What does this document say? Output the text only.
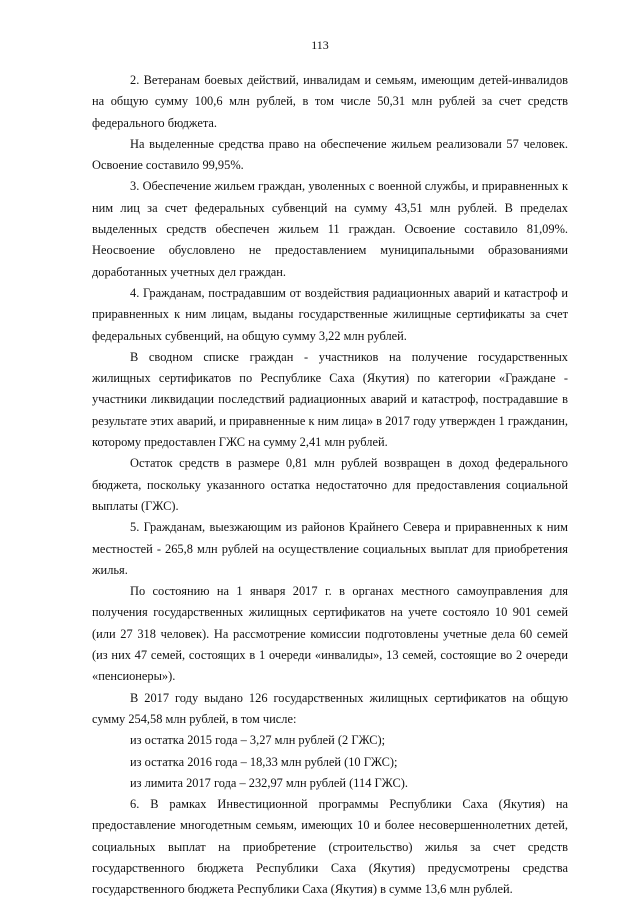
113

2. Ветеранам боевых действий, инвалидам и семьям, имеющим детей-инвалидов на общую сумму 100,6 млн рублей, в том числе 50,31 млн рублей за счет средств федерального бюджета.

На выделенные средства право на обеспечение жильем реализовали 57 человек. Освоение составило 99,95%.

3. Обеспечение жильем граждан, уволенных с военной службы, и приравненных к ним лиц за счет федеральных субвенций на сумму 43,51 млн рублей. В пределах выделенных средств обеспечен жильем 11 граждан. Освоение составило 81,09%. Неосвоение обусловлено не предоставлением муниципальными образованиями доработанных учетных дел граждан.

4. Гражданам, пострадавшим от воздействия радиационных аварий и катастроф и приравненных к ним лицам, выданы государственные жилищные сертификаты за счет федеральных субвенций, на общую сумму 3,22 млн рублей.

В сводном списке граждан - участников на получение государственных жилищных сертификатов по Республике Саха (Якутия) по категории «Граждане - участники ликвидации последствий радиационных аварий и катастроф, пострадавшие в результате этих аварий, и приравненные к ним лица» в 2017 году утвержден 1 гражданин, которому предоставлен ГЖС на сумму 2,41 млн рублей.

Остаток средств в размере 0,81 млн рублей возвращен в доход федерального бюджета, поскольку указанного остатка недостаточно для предоставления социальной выплаты (ГЖС).

5. Гражданам, выезжающим из районов Крайнего Севера и приравненных к ним местностей - 265,8 млн рублей на осуществление социальных выплат для приобретения жилья.

По состоянию на 1 января 2017 г. в органах местного самоуправления для получения государственных жилищных сертификатов на учете состояло 10 901 семей (или 27 318 человек). На рассмотрение комиссии подготовлены учетные дела 60 семей (из них 47 семей, состоящих в 1 очереди «инвалиды», 13 семей, состоящие во 2 очереди «пенсионеры»).

В 2017 году выдано 126 государственных жилищных сертификатов на общую сумму 254,58 млн рублей, в том числе:

из остатка 2015 года – 3,27 млн рублей (2 ГЖС);

из остатка 2016 года – 18,33 млн рублей (10 ГЖС);

из лимита 2017 года – 232,97 млн рублей (114 ГЖС).

6. В рамках Инвестиционной программы Республики Саха (Якутия) на предоставление многодетным семьям, имеющих 10 и более несовершеннолетних детей, социальных выплат на приобретение (строительство) жилья за счет средств государственного бюджета Республики Саха (Якутия) предусмотрены средства государственного бюджета Республики Саха (Якутия) в сумме 13,6 млн рублей.
